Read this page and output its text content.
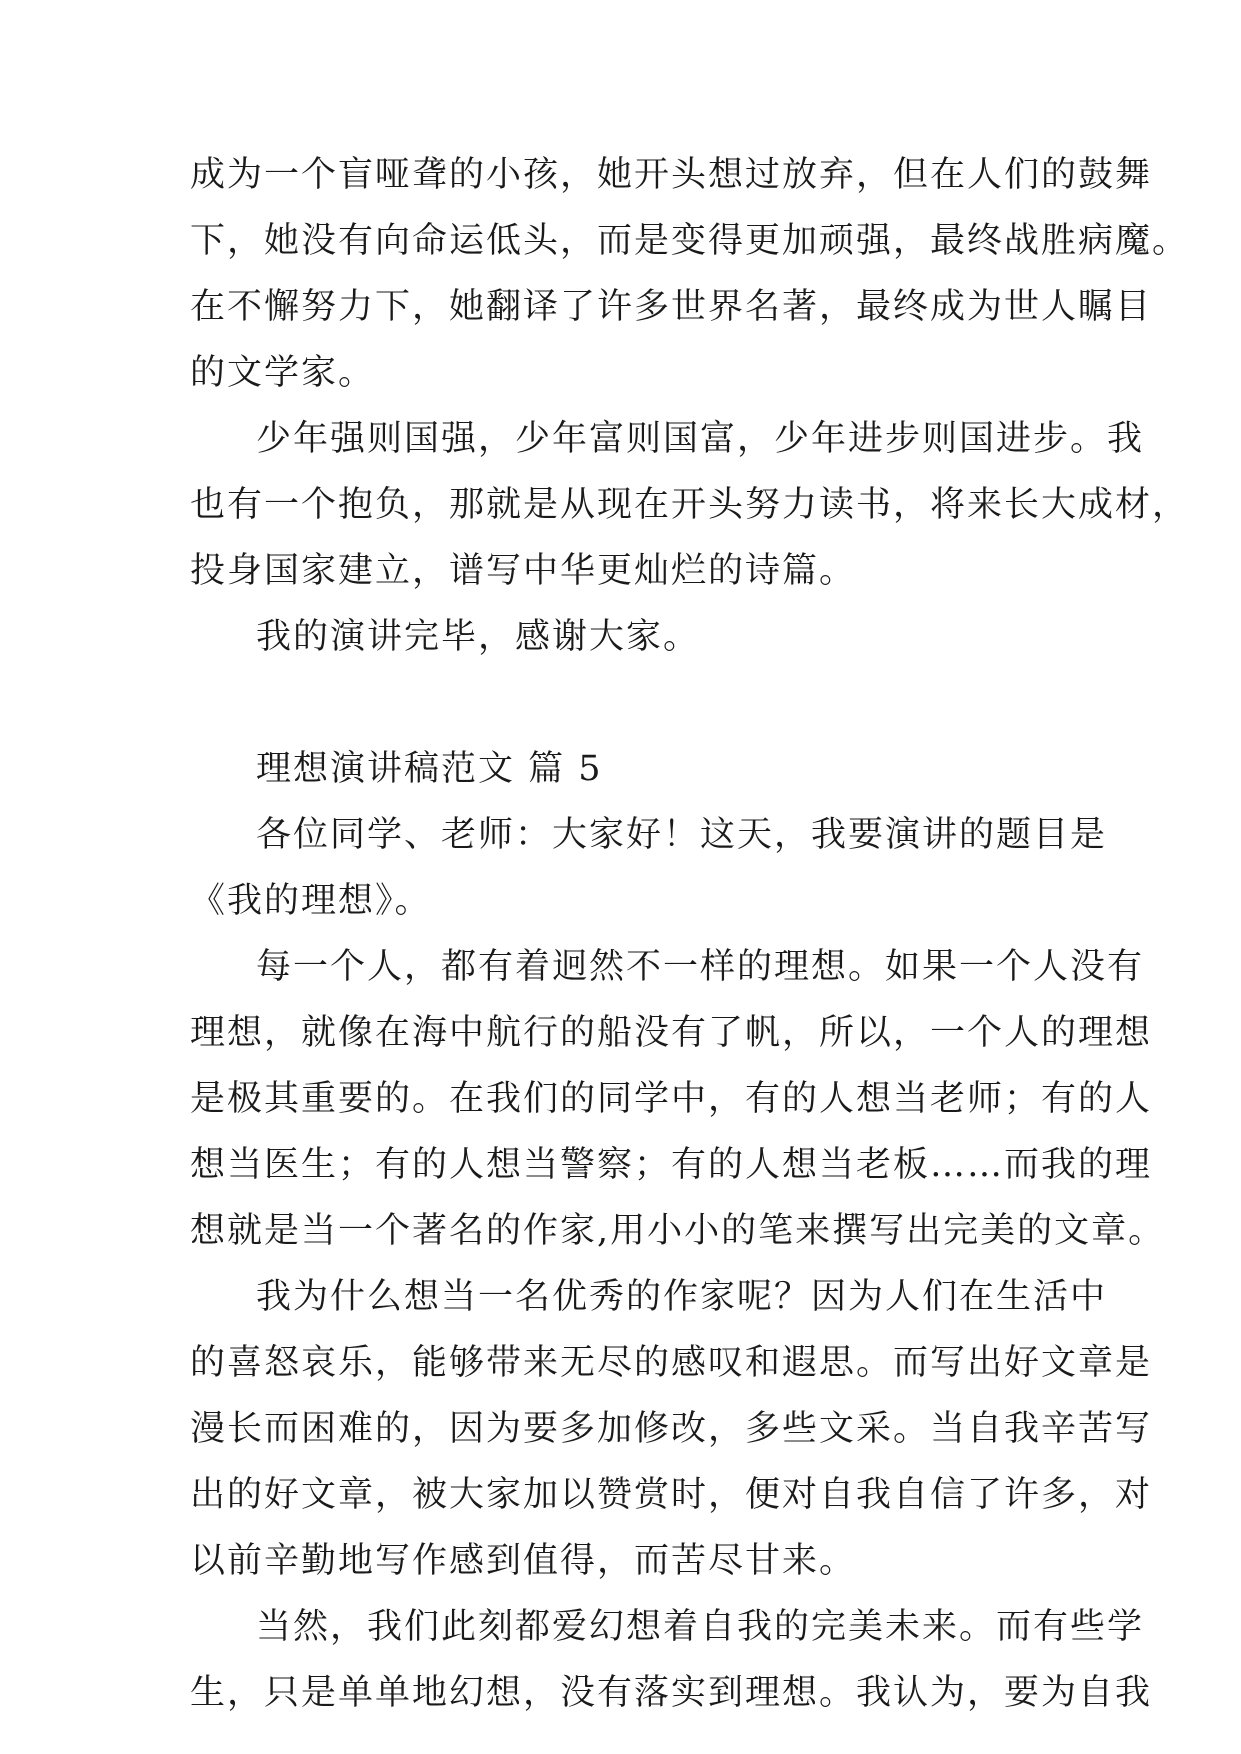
成为一个盲哑聋的小孩，她开头想过放弃，但在人们的鼓舞
下，她没有向命运低头，而是变得更加顽强，最终战胜病魔。
在不懈努力下，她翻译了许多世界名著，最终成为世人瞩目
的文学家。
少年强则国强，少年富则国富，少年进步则国进步。我
也有一个抱负，那就是从现在开头努力读书，将来长大成材，
投身国家建立，谱写中华更灿烂的诗篇。
我的演讲完毕，感谢大家。
理想演讲稿范文 篇 5
各位同学、老师：大家好！这天，我要演讲的题目是
《我的理想》。
每一个人，都有着迥然不一样的理想。如果一个人没有
理想，就像在海中航行的船没有了帆，所以，一个人的理想
是极其重要的。在我们的同学中，有的人想当老师；有的人
想当医生；有的人想当警察；有的人想当老板……而我的理
想就是当一个著名的作家,用小小的笔来撰写出完美的文章。
我为什么想当一名优秀的作家呢？因为人们在生活中
的喜怒哀乐，能够带来无尽的感叹和遐思。而写出好文章是
漫长而困难的，因为要多加修改，多些文采。当自我辛苦写
出的好文章，被大家加以赞赏时，便对自我自信了许多，对
以前辛勤地写作感到值得，而苦尽甘来。
当然，我们此刻都爱幻想着自我的完美未来。而有些学
生，只是单单地幻想，没有落实到理想。我认为，要为自我
